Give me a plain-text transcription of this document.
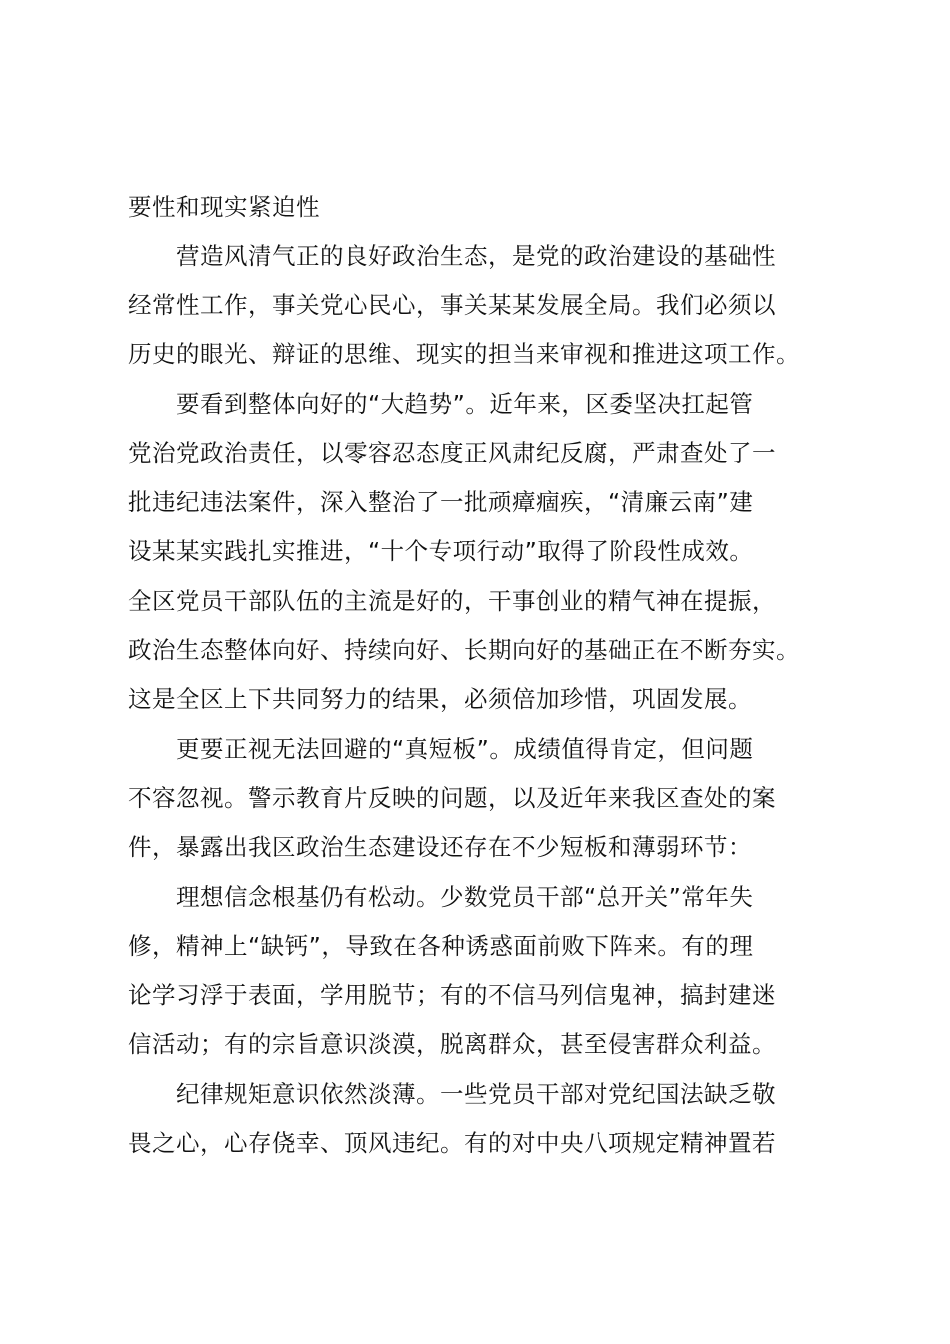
要性和现实紧迫性
营造风清气正的良好政治生态，是党的政治建设的基础性
经常性工作，事关党心民心，事关某某发展全局。我们必须以
历史的眼光、辩证的思维、现实的担当来审视和推进这项工作。
要看到整体向好的“大趋势”。近年来，区委坚决扛起管
党治党政治责任，以零容忍态度正风肃纪反腐，严肃查处了一
批违纪违法案件，深入整治了一批顽瘴痼疾，“清廉云南”建
设某某实践扎实推进，“十个专项行动”取得了阶段性成效。
全区党员干部队伍的主流是好的，干事创业的精气神在提振，
政治生态整体向好、持续向好、长期向好的基础正在不断夯实。
这是全区上下共同努力的结果，必须倍加珍惜，巩固发展。
更要正视无法回避的“真短板”。成绩值得肯定，但问题
不容忽视。警示教育片反映的问题，以及近年来我区查处的案
件，暴露出我区政治生态建设还存在不少短板和薄弱环节：
理想信念根基仍有松动。少数党员干部“总开关”常年失
修，精神上“缺钙”，导致在各种诱惑面前败下阵来。有的理
论学习浮于表面，学用脱节；有的不信马列信鬼神，搞封建迷
信活动；有的宗旨意识淡漠，脱离群众，甚至侵害群众利益。
纪律规矩意识依然淡薄。一些党员干部对党纪国法缺乏敬
畏之心，心存侥幸、顶风违纪。有的对中央八项规定精神置若
